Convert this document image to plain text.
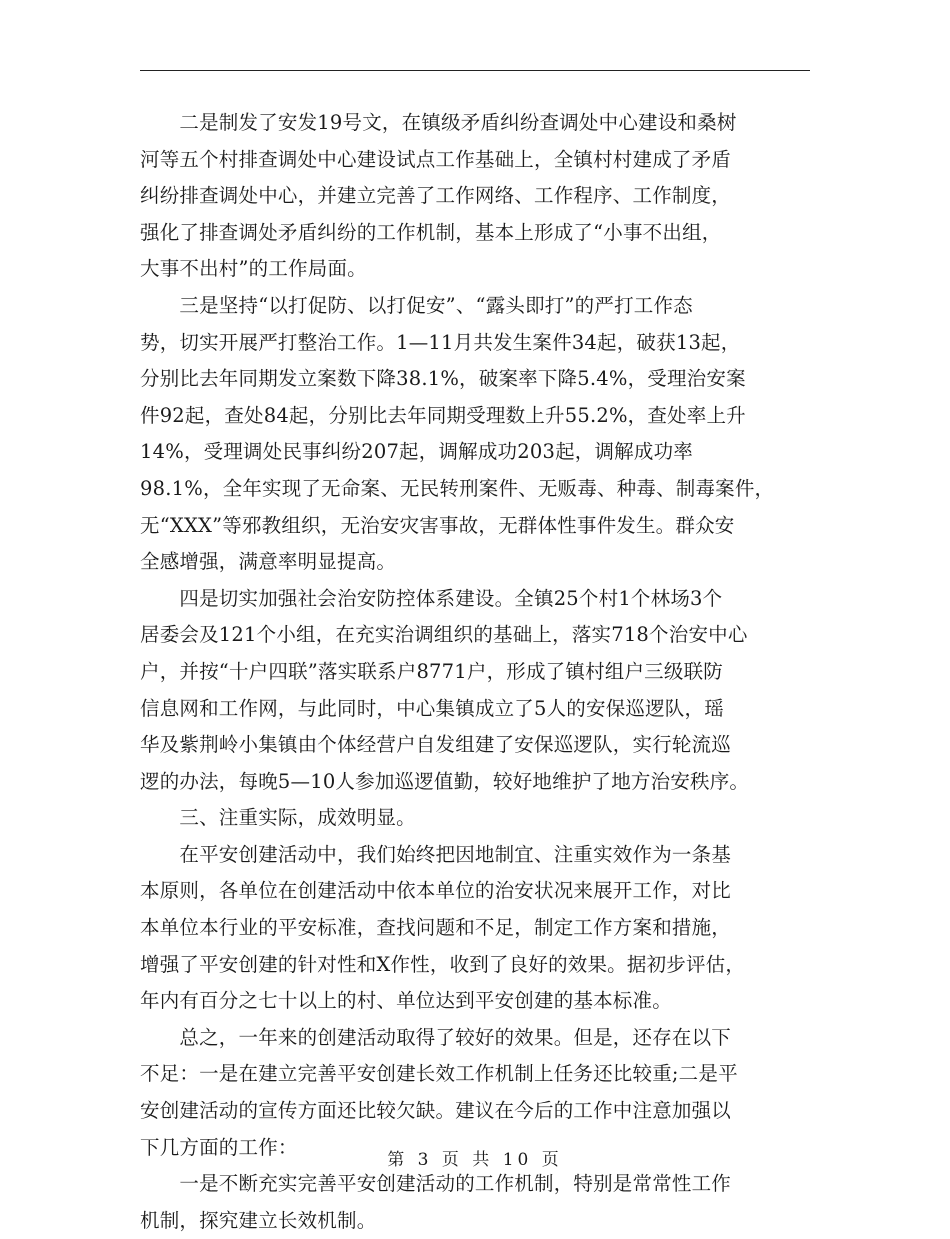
　　二是制发了安发19号文，在镇级矛盾纠纷查调处中心建设和桑树
河等五个村排查调处中心建设试点工作基础上，全镇村村建成了矛盾
纠纷排查调处中心，并建立完善了工作网络、工作程序、工作制度，
强化了排查调处矛盾纠纷的工作机制，基本上形成了“小事不出组，
大事不出村”的工作局面。
　　三是坚持“以打促防、以打促安”、“露头即打”的严打工作态
势，切实开展严打整治工作。1—11月共发生案件34起，破获13起，
分别比去年同期发立案数下降38.1%，破案率下降5.4%，受理治安案
件92起，查处84起，分别比去年同期受理数上升55.2%，查处率上升
14%，受理调处民事纠纷207起，调解成功203起，调解成功率
98.1%，全年实现了无命案、无民转刑案件、无贩毒、种毒、制毒案件，
无“XXX”等邪教组织，无治安灾害事故，无群体性事件发生。群众安
全感增强，满意率明显提高。
　　四是切实加强社会治安防控体系建设。全镇25个村1个林场3个
居委会及121个小组，在充实治调组织的基础上，落实718个治安中心
户，并按“十户四联”落实联系户8771户，形成了镇村组户三级联防
信息网和工作网，与此同时，中心集镇成立了5人的安保巡逻队，瑶
华及紫荆岭小集镇由个体经营户自发组建了安保巡逻队，实行轮流巡
逻的办法，每晚5—10人参加巡逻值勤，较好地维护了地方治安秩序。
　　三、注重实际，成效明显。
　　在平安创建活动中，我们始终把因地制宜、注重实效作为一条基
本原则，各单位在创建活动中依本单位的治安状况来展开工作，对比
本单位本行业的平安标准，查找问题和不足，制定工作方案和措施，
增强了平安创建的针对性和X作性，收到了良好的效果。据初步评估，
年内有百分之七十以上的村、单位达到平安创建的基本标准。
　　总之，一年来的创建活动取得了较好的效果。但是，还存在以下
不足：一是在建立完善平安创建长效工作机制上任务还比较重;二是平
安创建活动的宣传方面还比较欠缺。建议在今后的工作中注意加强以
下几方面的工作：
　　一是不断充实完善平安创建活动的工作机制，特别是常常性工作
机制，探究建立长效机制。
第 3 页 共 10 页
